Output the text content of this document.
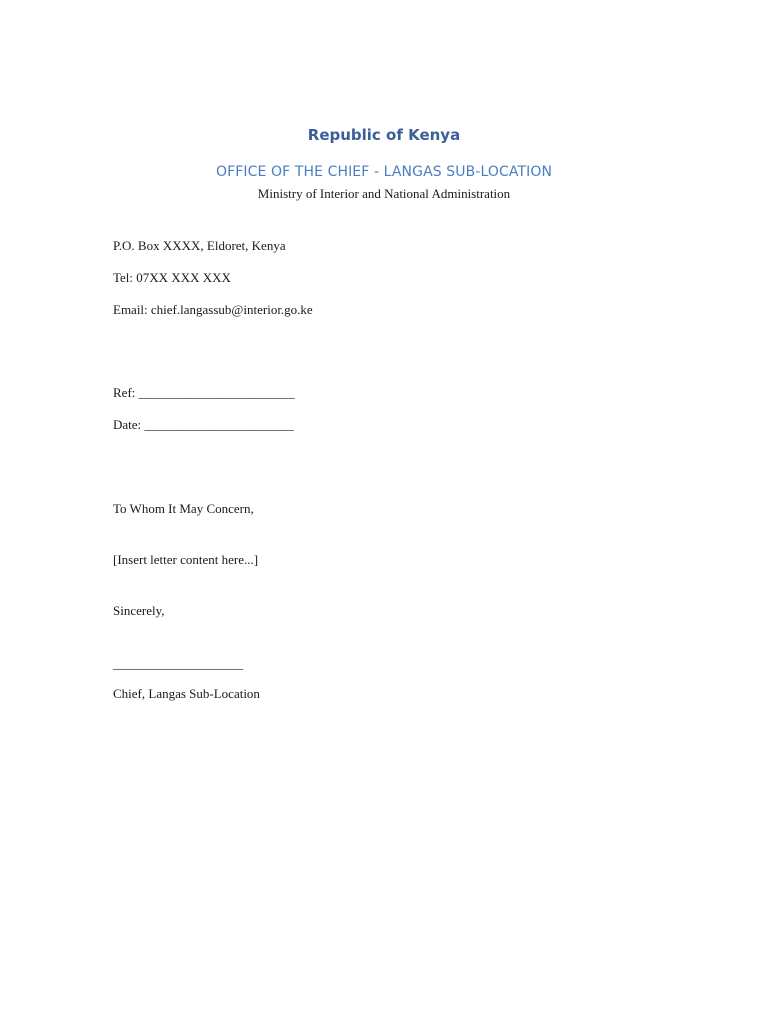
Republic of Kenya
OFFICE OF THE CHIEF - LANGAS SUB-LOCATION
Ministry of Interior and National Administration
P.O. Box XXXX, Eldoret, Kenya
Tel: 07XX XXX XXX
Email: chief.langassub@interior.go.ke
Ref: ________________________
Date: _______________________
To Whom It May Concern,
[Insert letter content here...]
Sincerely,
____________________
Chief, Langas Sub-Location
